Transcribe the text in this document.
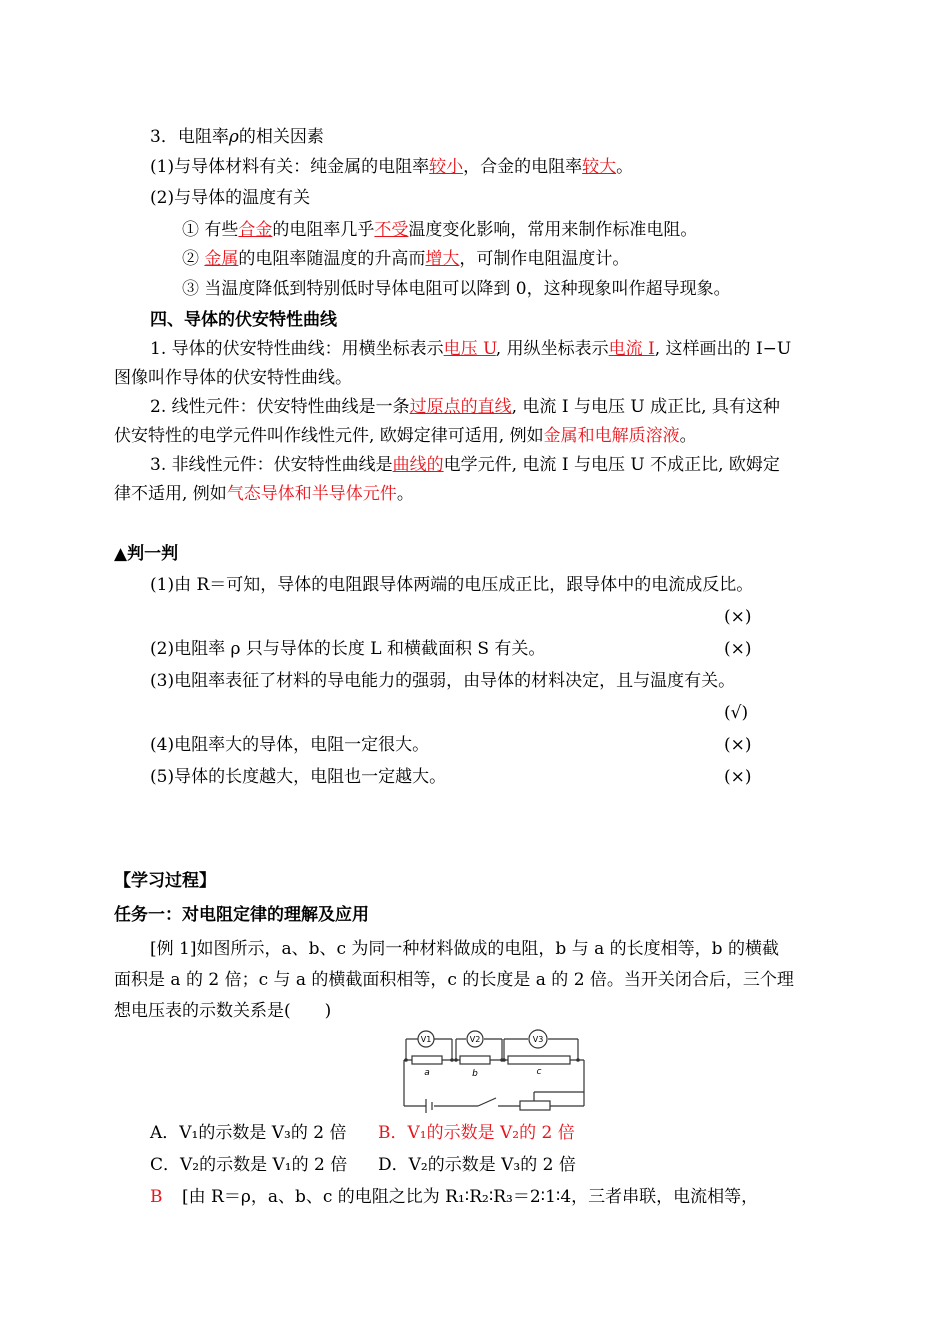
3．电阻率ρ的相关因素
(1)与导体材料有关：纯金属的电阻率较小，合金的电阻率较大。
(2)与导体的温度有关
① 有些合金的电阻率几乎不受温度变化影响，常用来制作标准电阻。
② 金属的电阻率随温度的升高而增大，可制作电阻温度计。
③ 当温度降低到特别低时导体电阻可以降到 0，这种现象叫作超导现象。
四、导体的伏安特性曲线
1. 导体的伏安特性曲线：用横坐标表示电压 U, 用纵坐标表示电流 I, 这样画出的 I−U
图像叫作导体的伏安特性曲线。
2. 线性元件：伏安特性曲线是一条过原点的直线, 电流 I 与电压 U 成正比, 具有这种
伏安特性的电学元件叫作线性元件, 欧姆定律可适用, 例如金属和电解质溶液。
3. 非线性元件：伏安特性曲线是曲线的电学元件, 电流 I 与电压 U 不成正比, 欧姆定
律不适用, 例如气态导体和半导体元件。
▲判一判
(1)由 R＝可知，导体的电阻跟导体两端的电压成正比，跟导体中的电流成反比。
(×)
(2)电阻率 ρ 只与导体的长度 L 和横截面积 S 有关。	(×)
(3)电阻率表征了材料的导电能力的强弱，由导体的材料决定，且与温度有关。
(√)
(4)电阻率大的导体，电阻一定很大。	(×)
(5)导体的长度越大，电阻也一定越大。	(×)
【学习过程】
任务一：对电阻定律的理解及应用
[例 1]如图所示，a、b、c 为同一种材料做成的电阻，b 与 a 的长度相等，b 的横截
面积是 a 的 2 倍；c 与 a 的横截面积相等，c 的长度是 a 的 2 倍。当开关闭合后，三个理
想电压表的示数关系是(　　)
V1	V2	V3
a	b	c
A．V₁的示数是 V₃的 2 倍 B．V₁的示数是 V₂的 2 倍
C．V₂的示数是 V₁的 2 倍 D．V₂的示数是 V₃的 2 倍
B [由 R＝ρ，a、b、c 的电阻之比为 R₁∶R₂∶R₃＝2∶1∶4，三者串联，电流相等，
